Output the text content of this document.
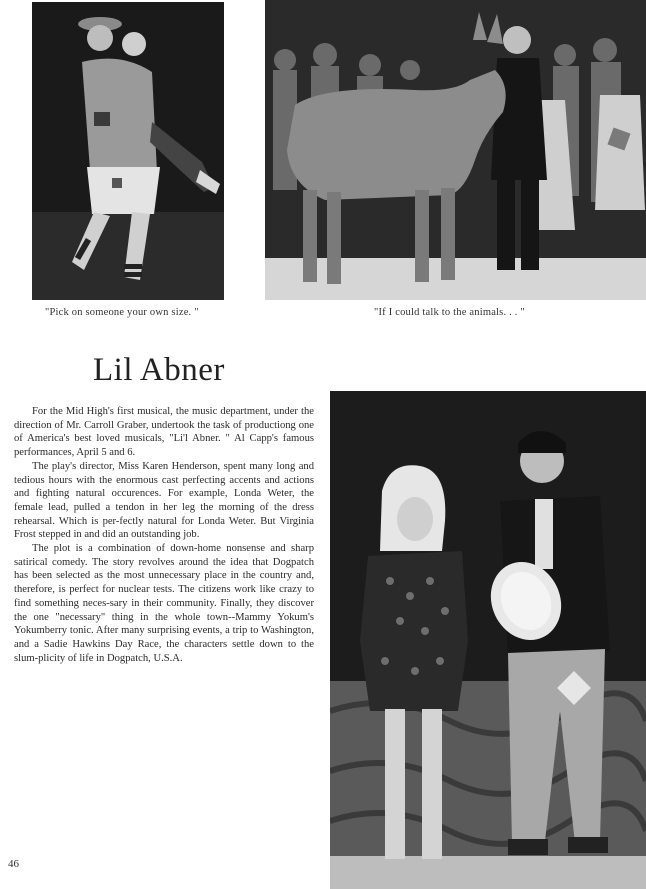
"Pick on someone your own size. "	"If I could talk to the animals. . . "
Lil Abner

For the Mid High's first musical, the music department, under the direction of Mr. Carroll Graber, undertook the task of productiong one of America's best loved musicals, "Li'l Abner. " Al Capp's famous performances, April 5 and 6.

The play's director, Miss Karen Henderson, spent many long and tedious hours with the enormous cast perfecting accents and actions and fighting natural occurences. For example, Londa Weter, the female lead, pulled a tendon in her leg the morning of the dress rehearsal. Which is per-fectly natural for Londa Weter. But Virginia Frost stepped in and did an outstanding job.

The plot is a combination of down-home nonsense and sharp satirical comedy. The story revolves around the idea that Dogpatch has been selected as the most unnecessary place in the country and, therefore, is perfect for nuclear tests. The citizens work like crazy to find something neces-sary in their community. Finally, they discover the one "necessary" thing in the whole town--Mammy Yokum's Yokumberry tonic. After many surprising events, a trip to Washington, and a Sadie Hawkins Day Race, the characters settle down to the slum-plicity of life in Dogpatch, U.S.A.

46
